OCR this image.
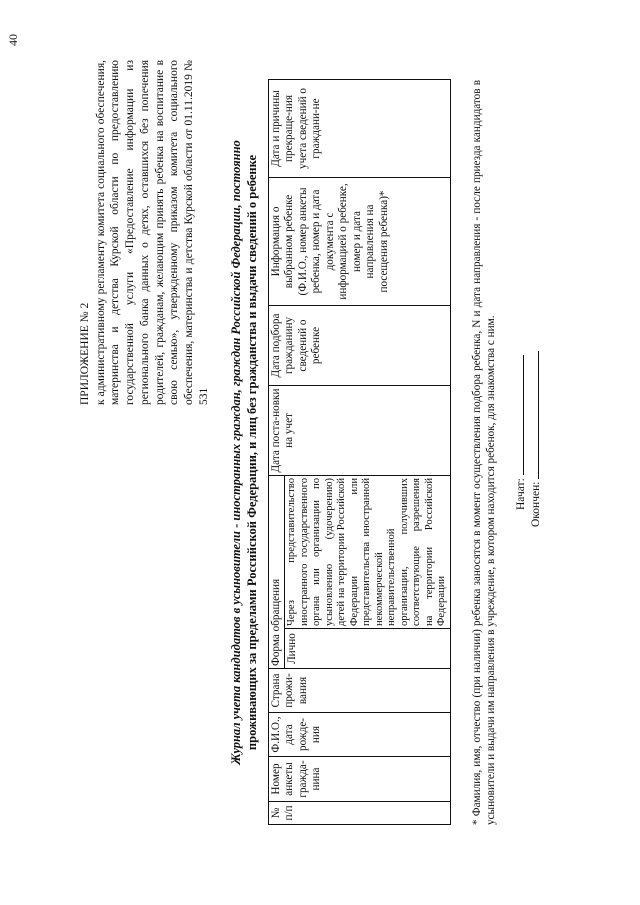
40
ПРИЛОЖЕНИЕ № 2 к административному регламенту комитета социального обеспечения, материнства и детства Курской области по предоставлению государственной услуги «Предоставление информации из регионального банка данных о детях, оставшихся без попечения родителей, гражданам, желающим принять ребенка на воспитание в свою семью», утвержденному приказом комитета социального обеспечения, материнства и детства Курской области от 01.11.2019 № 531 Журнал учета кандидатов в усыновители - иностранных граждан, граждан Российской Федерации, постоянно проживающих за пределами Российской Федерации, и лиц без гражданства и выдачи сведений о ребенке
№ п/п	Номер анкеты гражда-нина	Ф.И.О., дата рожде-ния	Страна прожи-вания	Форма обращения		Дата поста-новки на учет	Дата подбора гражданину сведений о ребенке	Информация о выбранном ребенке (Ф.И.О., номер анкеты ребенка, номер и дата документа с информацией о ребенке, номер и дата направления на посещения ребенка)*	Дата и причины прекраще-ния учета сведений о граждани-не
				Лично	Через представительство иностранного государственного органа или организации по усыновлению (удочерению) детей на территории Российской Федерации или представительства иностранной некоммерческой неправительственной организации, получивших соответствующие разрешения на территории Российской Федерации				* Фамилия, имя, отчество (при наличии) ребенка заносятся в момент осуществления подбора ребенка, N и дата направления - после приезда кандидатов в усыновители и выдачи им направления в учреждение, в котором находится ребенок, для знакомства с ним. Начат: Окончен:
